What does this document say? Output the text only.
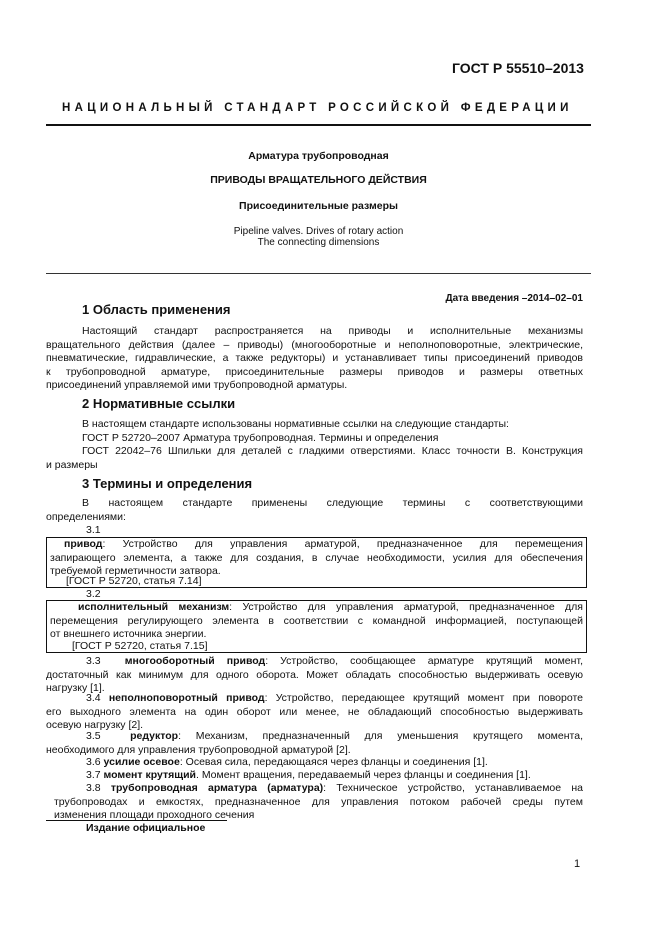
ГОСТ Р 55510–2013
НАЦИОНАЛЬНЫЙ СТАНДАРТ РОССИЙСКОЙ ФЕДЕРАЦИИ
Арматура трубопроводная
ПРИВОДЫ ВРАЩАТЕЛЬНОГО ДЕЙСТВИЯ
Присоединительные размеры
Pipeline valves. Drives of rotary action
The connecting dimensions
Дата введения –2014–02–01
1 Область применения
Настоящий стандарт распространяется на приводы и исполнительные механизмы
вращательного действия (далее – приводы) (многооборотные и неполноповоротные, электрические,
пневматические, гидравлические, а также редукторы) и устанавливает типы присоединений приводов
к трубопроводной арматуре, присоединительные размеры приводов и размеры ответных
присоединений управляемой ими трубопроводной арматуры.
2 Нормативные ссылки
В настоящем стандарте использованы нормативные ссылки на следующие стандарты:
ГОСТ Р 52720–2007 Арматура трубопроводная. Термины и определения
ГОСТ 22042–76 Шпильки для деталей с гладкими отверстиями. Класс точности В. Конструкция
и размеры
3 Термины и определения
В настоящем стандарте применены следующие термины с соответствующими
определениями:
3.1
привод: Устройство для управления арматурой, предназначенное для перемещения
запирающего элемента, а также для создания, в случае необходимости, усилия для обеспечения
требуемой герметичности затвора.
[ГОСТ Р 52720, статья 7.14]
3.2
исполнительный механизм: Устройство для управления арматурой, предназначенное для
перемещения регулирующего элемента в соответствии с командной информацией, поступающей
от внешнего источника энергии.
[ГОСТ Р 52720, статья 7.15]
3.3 многооборотный привод: Устройство, сообщающее арматуре крутящий момент,
достаточный как минимум для одного оборота. Может обладать способностью выдерживать осевую
нагрузку [1].
3.4 неполноповоротный привод: Устройство, передающее крутящий момент при повороте
его выходного элемента на один оборот или менее, не обладающий способностью выдерживать
осевую нагрузку [2].
3.5	редуктор: Механизм, предназначенный для уменьшения крутящего момента,
необходимого для управления трубопроводной арматурой [2].
3.6 усилие осевое: Осевая сила, передающаяся через фланцы и соединения [1].
3.7 момент крутящий. Момент вращения, передаваемый через фланцы и соединения [1].
3.8 трубопроводная арматура (арматура): Техническое устройство, устанавливаемое на
трубопроводах и емкостях, предназначенное для управления потоком рабочей среды путем
изменения площади проходного сечения
Издание официальное
1
